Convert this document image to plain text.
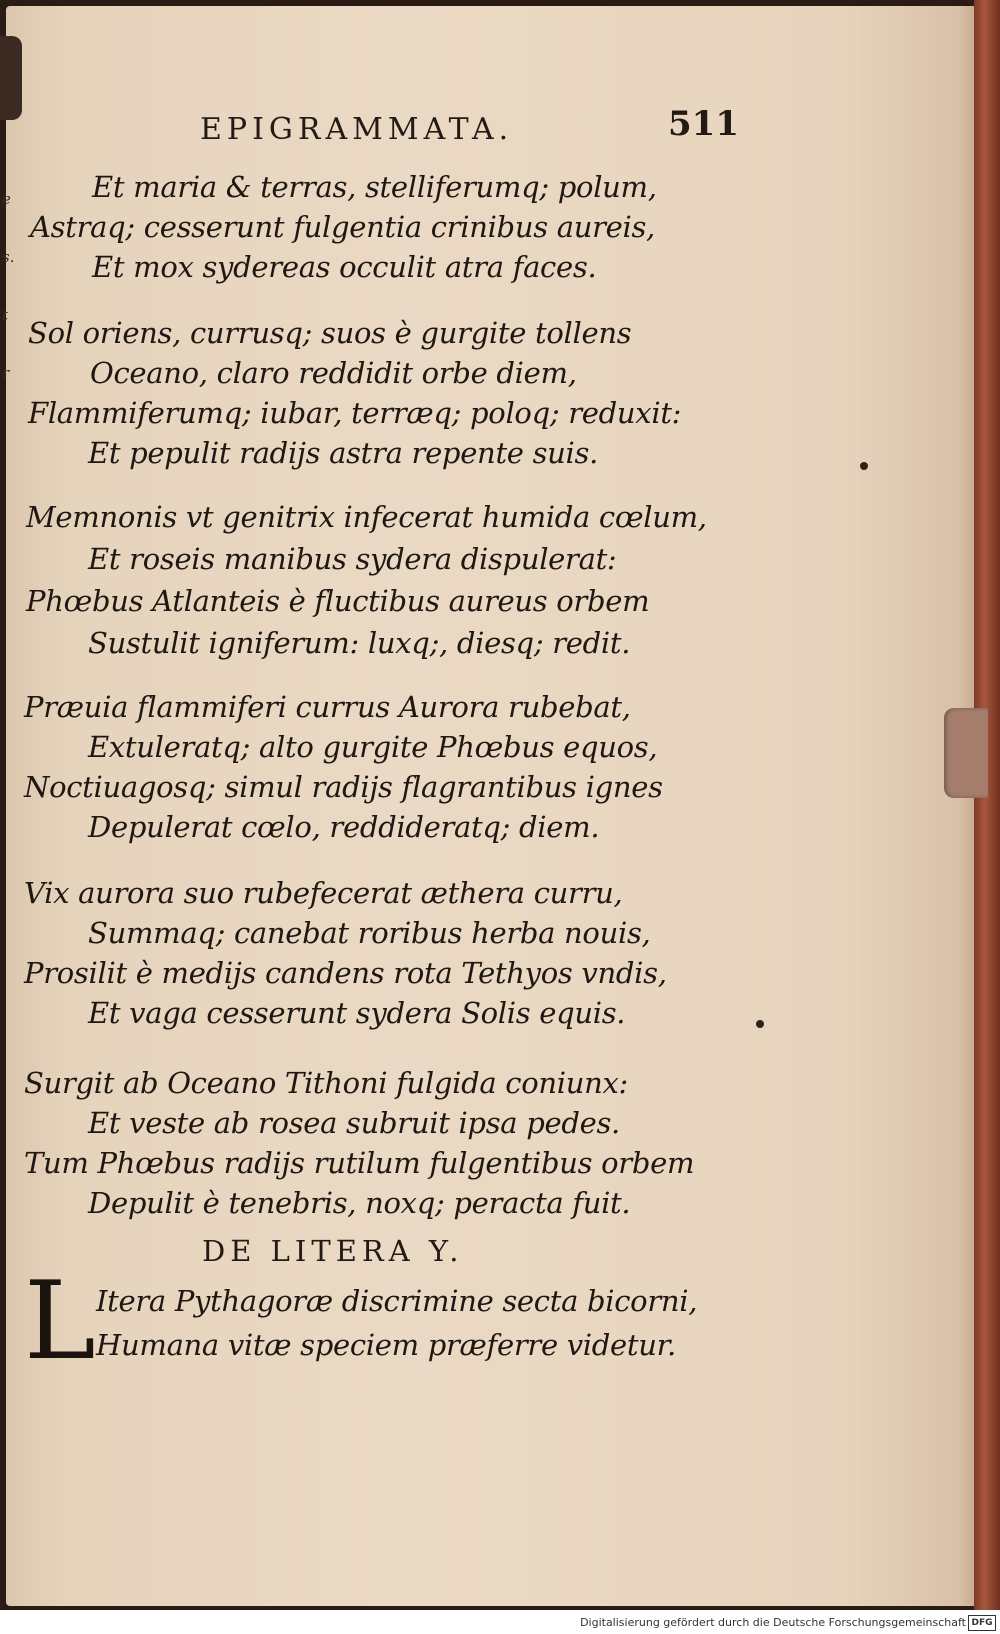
e
s.
t
r
EPIGRAMMATA.	511
Et maria & terras, stelliferumq; polum,
Astraq; cesserunt fulgentia crinibus aureis,
Et mox sydereas occulit atra faces.
Sol oriens, currusq; suos è gurgite tollens
Oceano, claro reddidit orbe diem,
Flammiferumq; iubar, terræq; poloq; reduxit:
Et pepulit radijs astra repente suis.
Memnonis vt genitrix infecerat humida cœlum,
Et roseis manibus sydera dispulerat:
Phœbus Atlanteis è fluctibus aureus orbem
Sustulit igniferum: luxq;, diesq; redit.
Præuia flammiferi currus Aurora rubebat,
Extuleratq; alto gurgite Phœbus equos,
Noctiuagosq; simul radijs flagrantibus ignes
Depulerat cœlo, reddideratq; diem.
Vix aurora suo rubefecerat æthera curru,
Summaq; canebat roribus herba nouis,
Prosilit è medijs candens rota Tethyos vndis,
Et vaga cesserunt sydera Solis equis.
Surgit ab Oceano Tithoni fulgida coniunx:
Et veste ab rosea subruit ipsa pedes.
Tum Phœbus radijs rutilum fulgentibus orbem
Depulit è tenebris, noxq; peracta fuit.
DE LITERA Y.
L Itera Pythagoræ discrimine secta bicorni,
Humana vitæ speciem præferre videtur.
Digitalisierung gefördert durch die Deutsche Forschungsgemeinschaft DFG
